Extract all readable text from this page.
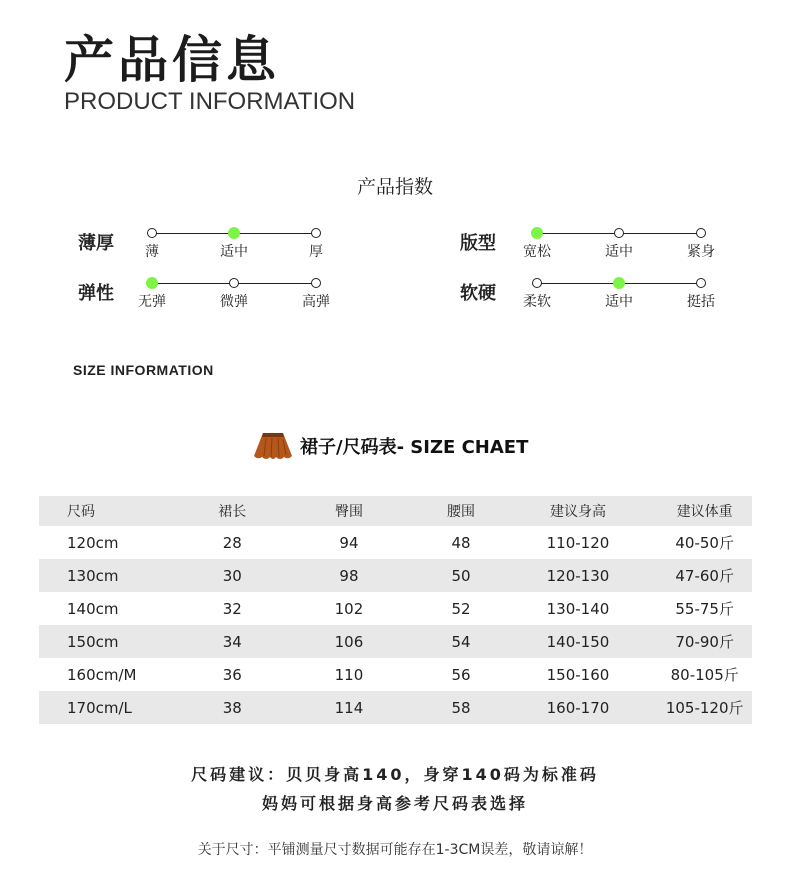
产品信息
PRODUCT INFORMATION
产品指数
薄厚	薄	适中	厚	版型	宽松	适中	紧身
弹性	无弹	微弹	高弹	软硬	柔软	适中	挺括
SIZE INFORMATION
裙子/尺码表- SIZE CHAET
尺码	裙长	臀围	腰围	建议身高	建议体重
120cm	28	94	48	110-120	40-50斤
130cm	30	98	50	120-130	47-60斤
140cm	32	102	52	130-140	55-75斤
150cm	34	106	54	140-150	70-90斤
160cm/M	36	110	56	150-160	80-105斤
170cm/L	38	114	58	160-170	105-120斤
尺码建议：贝贝身高140，身穿140码为标准码
妈妈可根据身高参考尺码表选择
关于尺寸：平铺测量尺寸数据可能存在1-3CM误差，敬请谅解！
